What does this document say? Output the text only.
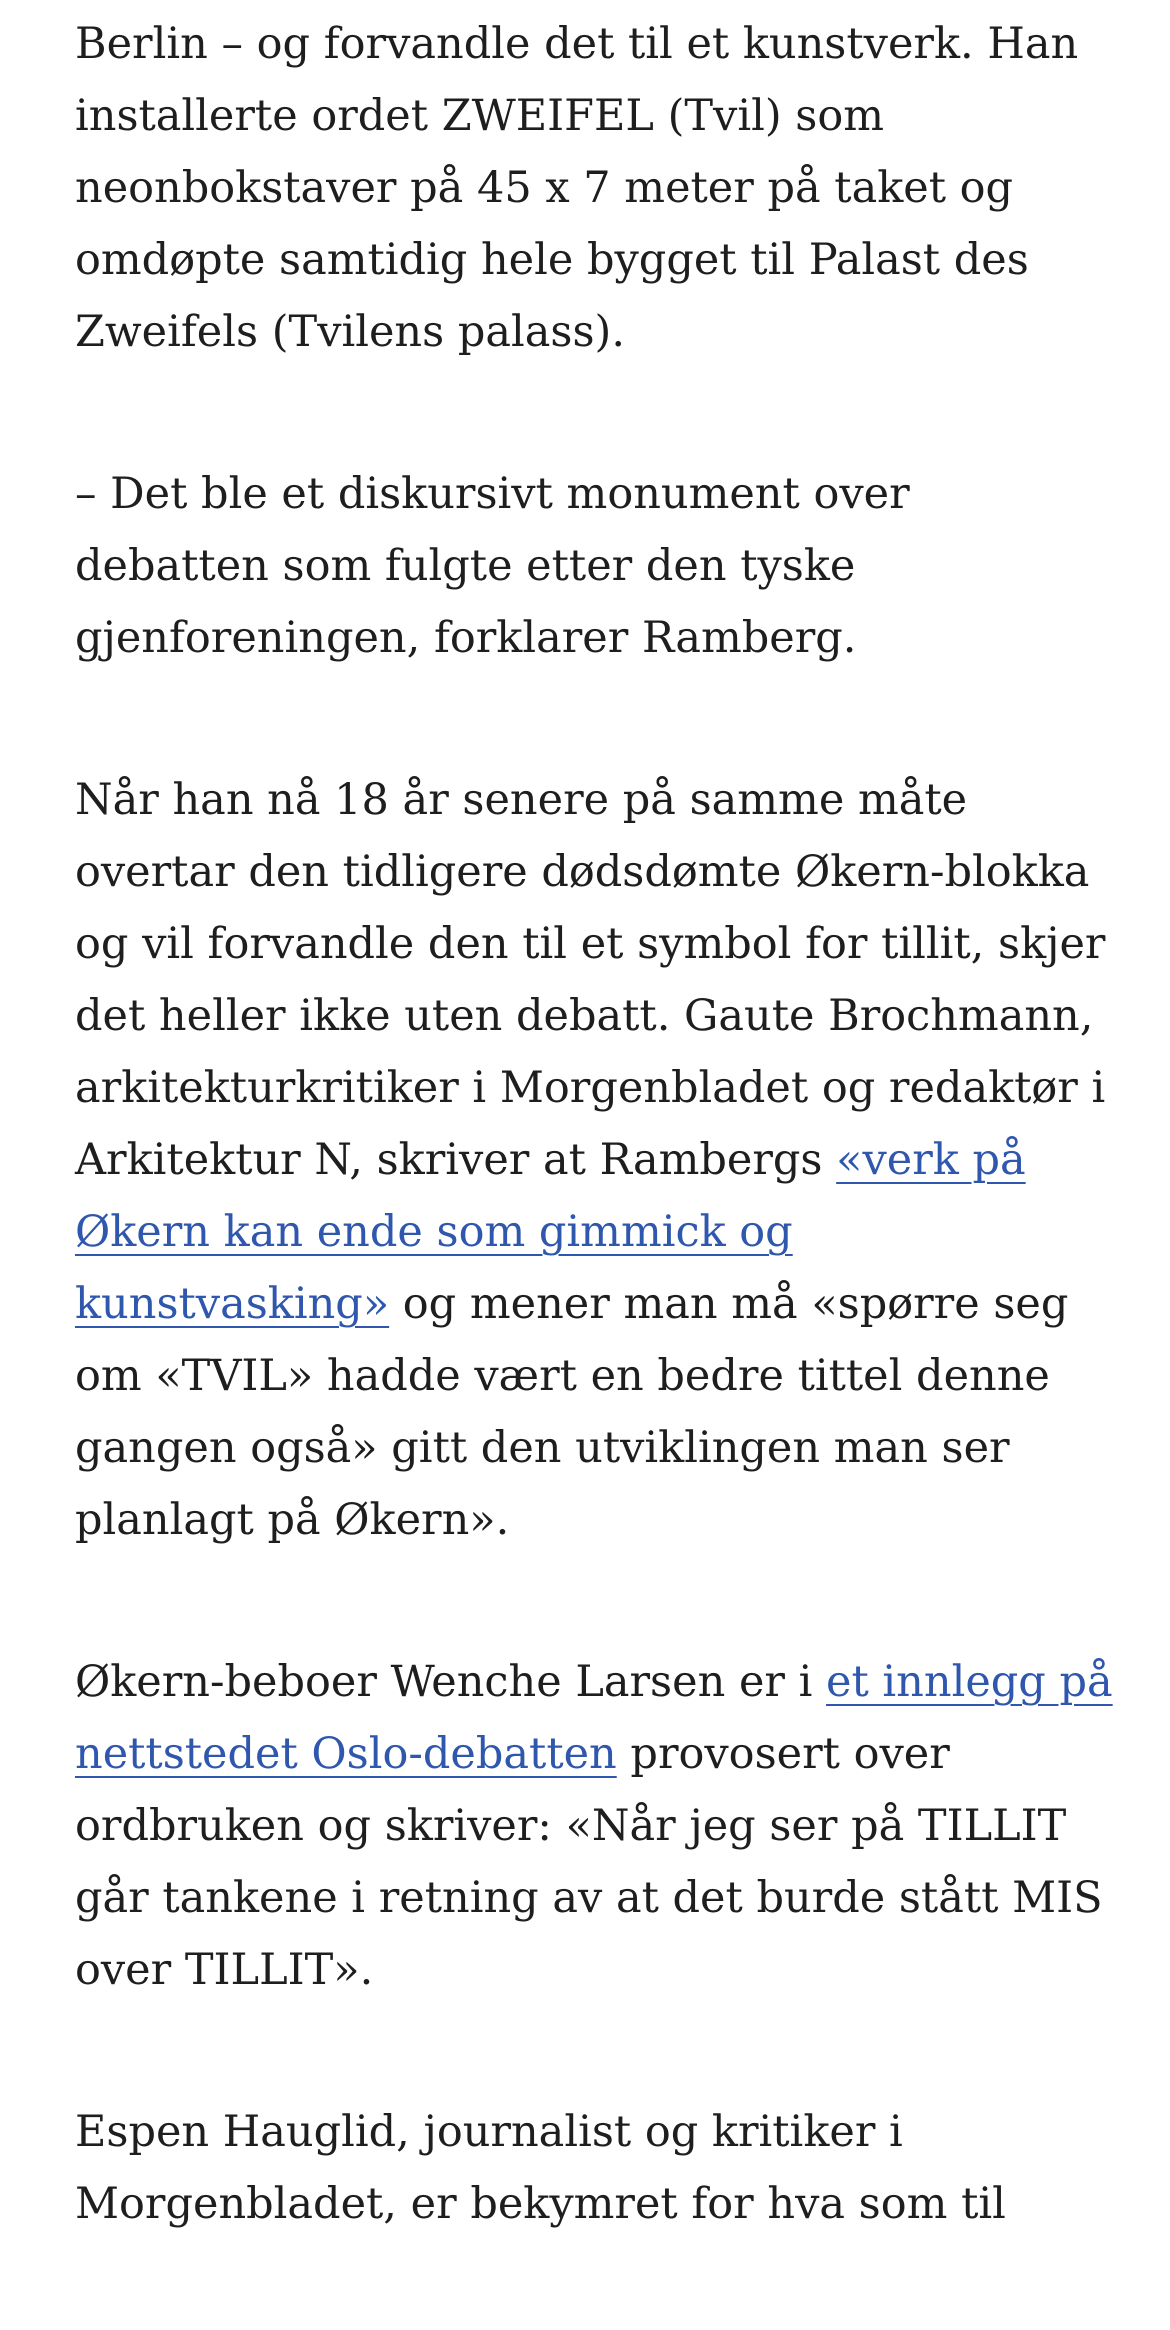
Berlin – og forvandle det til et kunstverk. Han installerte ordet ZWEIFEL (Tvil) som neonbokstaver på 45 x 7 meter på taket og omdøpte samtidig hele bygget til Palast des Zweifels (Tvilens palass).

– Det ble et diskursivt monument over debatten som fulgte etter den tyske gjenforeningen, forklarer Ramberg.

Når han nå 18 år senere på samme måte overtar den tidligere dødsdømte Økern-blokka og vil forvandle den til et symbol for tillit, skjer det heller ikke uten debatt. Gaute Brochmann, arkitekturkritiker i Morgenbladet og redaktør i Arkitektur N, skriver at Rambergs «verk på Økern kan ende som gimmick og kunstvasking» og mener man må «spørre seg om «TVIL» hadde vært en bedre tittel denne gangen også» gitt den utviklingen man ser planlagt på Økern».

Økern-beboer Wenche Larsen er i et innlegg på nettstedet Oslo-debatten provosert over ordbruken og skriver: «Når jeg ser på TILLIT går tankene i retning av at det burde stått MIS over TILLIT».

Espen Hauglid, journalist og kritiker i Morgenbladet, er bekymret for hva som til
